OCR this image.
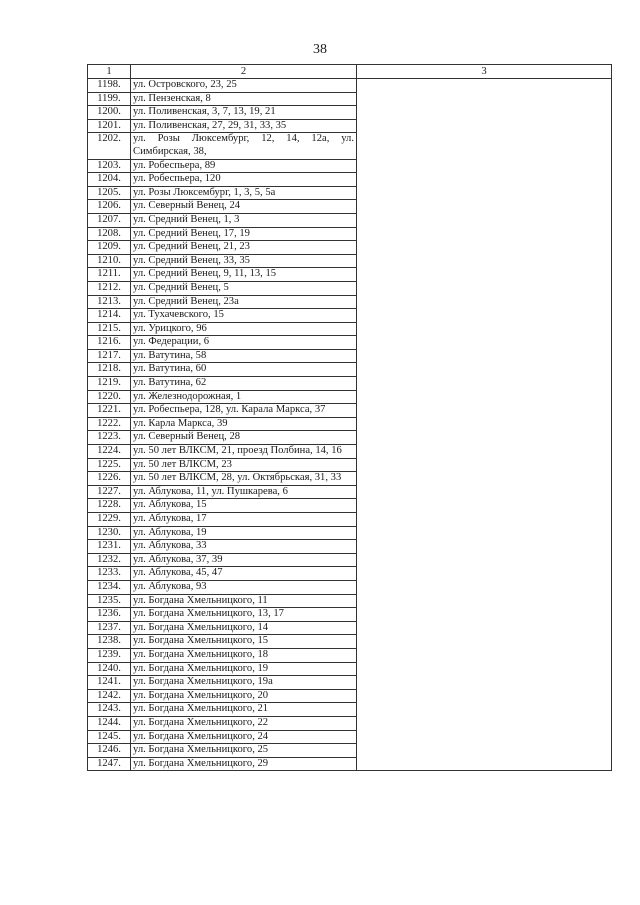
38
1	2	3
1198.	ул. Островского, 23, 25	
1199.	ул. Пензенская, 8	
1200.	ул. Поливенская, 3, 7, 13, 19, 21	
1201.	ул. Поливенская, 27, 29, 31, 33, 35	
1202.	ул. Розы Люксембург, 12, 14, 12а, ул. Симбирская, 38,	
1203.	ул. Робеспьера, 89	
1204.	ул. Робеспьера, 120	
1205.	ул. Розы Люксембург, 1, 3, 5, 5а	
1206.	ул. Северный Венец, 24	
1207.	ул. Средний Венец, 1, 3	
1208.	ул. Средний Венец, 17, 19	
1209.	ул. Средний Венец, 21, 23	
1210.	ул. Средний Венец, 33, 35	
1211.	ул. Средний Венец, 9, 11, 13, 15	
1212.	ул. Средний Венец, 5	
1213.	ул. Средний Венец, 23а	
1214.	ул. Тухачевского, 15	
1215.	ул. Урицкого, 96	
1216.	ул. Федерации, 6	
1217.	ул. Ватутина, 58	
1218.	ул. Ватутина, 60	
1219.	ул. Ватутина, 62	
1220.	ул. Железнодорожная, 1	
1221.	ул. Робеспьера, 128, ул. Карала Маркса, 37	
1222.	ул. Карла Маркса, 39	
1223.	ул. Северный Венец, 28	
1224.	ул. 50 лет ВЛКСМ, 21, проезд Полбина, 14, 16	
1225.	ул. 50 лет ВЛКСМ, 23	
1226.	ул. 50 лет ВЛКСМ, 28, ул. Октябрьская, 31, 33	
1227.	ул. Аблукова, 11, ул. Пушкарева, 6	
1228.	ул. Аблукова, 15	
1229.	ул. Аблукова, 17	
1230.	ул. Аблукова, 19	
1231.	ул. Аблукова, 33	
1232.	ул. Аблукова, 37, 39	
1233.	ул. Аблукова, 45, 47	
1234.	ул. Аблукова, 93	
1235.	ул. Богдана Хмельницкого, 11	
1236.	ул. Богдана Хмельницкого, 13, 17	
1237.	ул. Богдана Хмельницкого, 14	
1238.	ул. Богдана Хмельницкого, 15	
1239.	ул. Богдана Хмельницкого, 18	
1240.	ул. Богдана Хмельницкого, 19	
1241.	ул. Богдана Хмельницкого, 19а	
1242.	ул. Богдана Хмельницкого, 20	
1243.	ул. Богдана Хмельницкого, 21	
1244.	ул. Богдана Хмельницкого, 22	
1245.	ул. Богдана Хмельницкого, 24	
1246.	ул. Богдана Хмельницкого, 25	
1247.	ул. Богдана Хмельницкого, 29	
